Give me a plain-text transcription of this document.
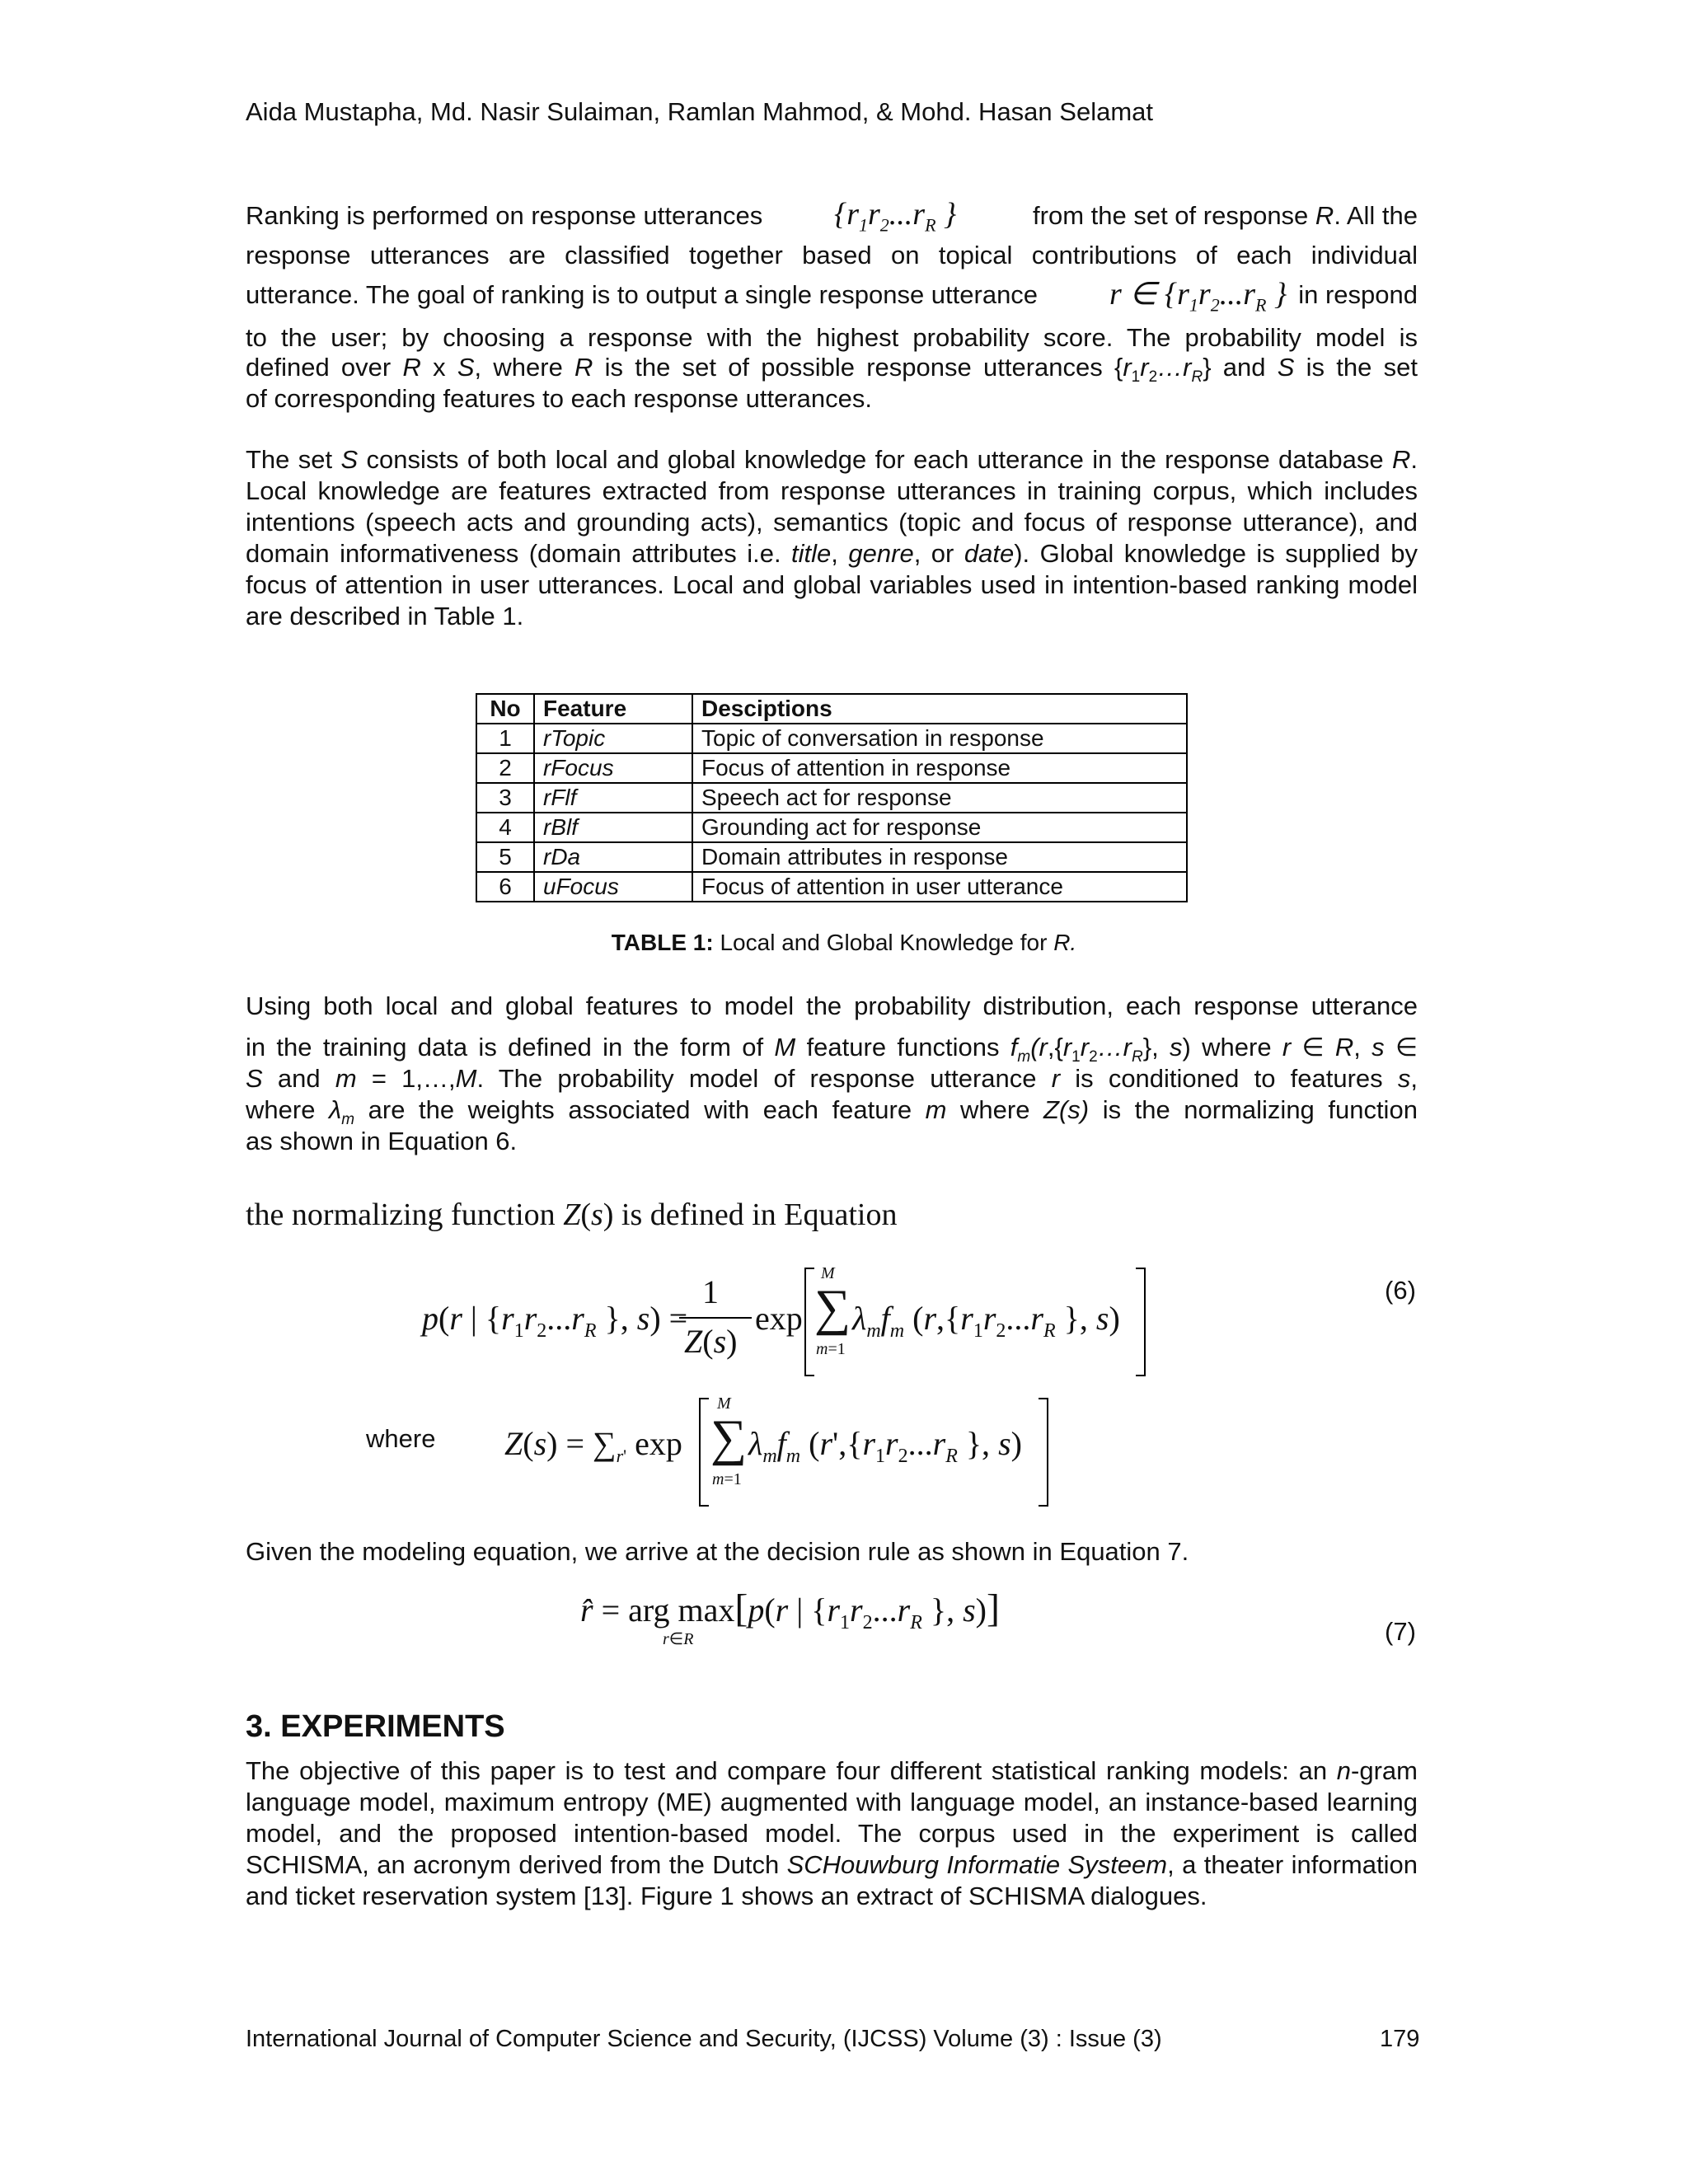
Aida Mustapha, Md. Nasir Sulaiman, Ramlan Mahmod, & Mohd. Hasan Selamat
Ranking is performed on response utterances {$r_1r_2...r_R$ }	from the set of response R. All the
response utterances are classified together based on topical contributions of each individual
utterance. The goal of ranking is to output a single response utterance r ∈ {$r_1r_2...r_R$ } in respond
to the user; by choosing a response with the highest probability score. The probability model is
defined over R x S, where R is the set of possible response utterances $\{r_1r_2\dots r_R\}$ and S is the set
of corresponding features to each response utterances.

The set S consists of both local and global knowledge for each utterance in the response database R. Local knowledge are features extracted from response utterances in training corpus, which includes intentions (speech acts and grounding acts), semantics (topic and focus of response utterance), and domain informativeness (domain attributes i.e. title, genre, or date). Global knowledge is supplied by focus of attention in user utterances. Local and global variables used in intention-based ranking model are described in Table 1.

No	Feature	Desciptions
1	rTopic	Topic of conversation in response
2	rFocus	Focus of attention in response
3	rFlf	Speech act for response
4	rBlf	Grounding act for response
5	rDa	Domain attributes in response
6	uFocus	Focus of attention in user utterance
TABLE 1: Local and Global Knowledge for R.
Using both local and global features to model the probability distribution, each response utterance
in the training data is defined in the form of M feature functions $f_m(r,\{r_1r_2\dots r_R\}$, s) where r ∈ R, s ∈
S and m = 1,…,M. The probability model of response utterance r is conditioned to features s,
where $\lambda_m$ are the weights associated with each feature m where Z(s) is the normalizing function
as shown in Equation 6.
the normalizing function Z(s) is defined in Equation
p(r | {$r_1r_2...r_R$ }, s) =
1
Z(s)
exp
M
∑
m=1
$\lambda_mf_m$ ($r,\{r_1r_2...r_R$ }, s)
(6)
where $Z(s) = \sum_{r'}$ exp
M
∑
m=1
$\lambda_mf_m$ ($r',\{r_1r_2...r_R$ }, s)
Given the modeling equation, we arrive at the decision rule as shown in Equation 7.
r̂ = arg max[p(r | {$r_1r_2...r_R$ }, s)]
r∈R	(7)
3. EXPERIMENTS

The objective of this paper is to test and compare four different statistical ranking models: an n-gram language model, maximum entropy (ME) augmented with language model, an instance-based learning model, and the proposed intention-based model. The corpus used in the experiment is called SCHISMA, an acronym derived from the Dutch SCHouwburg Informatie Systeem, a theater information and ticket reservation system [13]. Figure 1 shows an extract of SCHISMA dialogues.

International Journal of Computer Science and Security, (IJCSS) Volume (3) : Issue (3)	179
